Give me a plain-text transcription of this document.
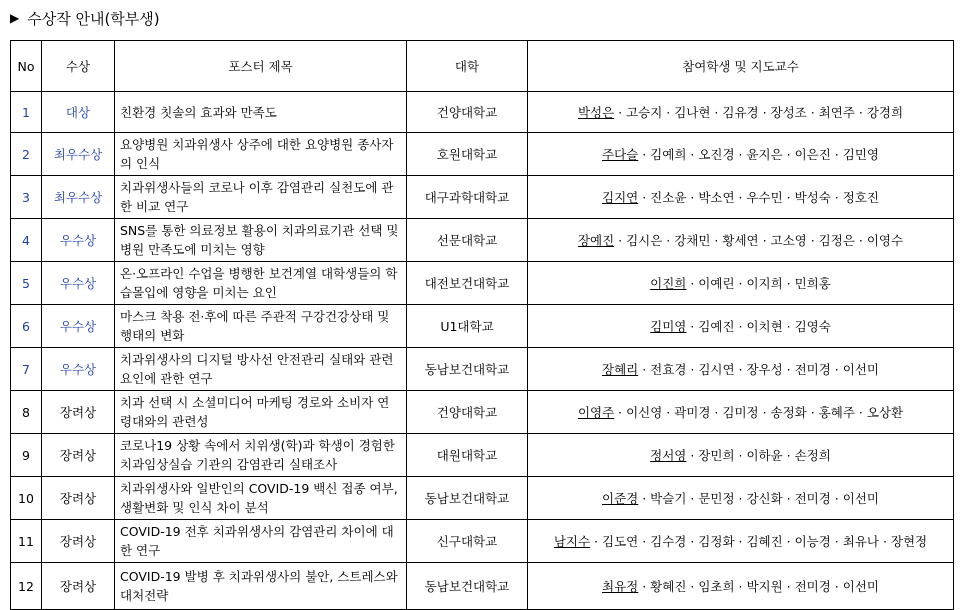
▶ 수상작 안내(학부생)
No	수상	포스터 제목	대학	참여학생 및 지도교수
1	대상	친환경 칫솔의 효과와 만족도	건양대학교	박성은 · 고승지 · 김나현 · 김유경 · 장성조 · 최연주 · 강경희
2	최우수상	요양병원 치과위생사 상주에 대한 요양병원 종사자의 인식	호원대학교	주다슬 · 김예희 · 오진경 · 윤지은 · 이은진 · 김민영
3	최우수상	치과위생사들의 코로나 이후 감염관리 실천도에 관한 비교 연구	대구과학대학교	김지연 · 진소윤 · 박소연 · 우수민 · 박성숙 · 정호진
4	우수상	SNS를 통한 의료정보 활용이 치과의료기관 선택 및 병원 만족도에 미치는 영향	선문대학교	장예진 · 김시은 · 강채민 · 황세연 · 고소영 · 김정은 · 이영수
5	우수상	온·오프라인 수업을 병행한 보건계열 대학생들의 학습몰입에 영향을 미치는 요인	대전보건대학교	이진희 · 이예린 · 이지희 · 민희홍
6	우수상	마스크 착용 전·후에 따른 주관적 구강건강상태 및 행태의 변화	U1대학교	김미영 · 김예진 · 이치현 · 김영숙
7	우수상	치과위생사의 디지털 방사선 안전관리 실태와 관련요인에 관한 연구	동남보건대학교	장혜리 · 전효경 · 김시연 · 장우성 · 전미경 · 이선미
8	장려상	치과 선택 시 소셜미디어 마케팅 경로와 소비자 연령대와의 관련성	건양대학교	이영주 · 이신영 · 곽미경 · 김미정 · 송정화 · 홍혜주 · 오상환
9	장려상	코로나19 상황 속에서 치위생(학)과 학생이 경험한 치과임상실습 기관의 감염관리 실태조사	대원대학교	정서영 · 장민희 · 이하윤 · 손정희
10	장려상	치과위생사와 일반인의 COVID-19 백신 접종 여부, 생활변화 및 인식 차이 분석	동남보건대학교	이준경 · 박슬기 · 문민정 · 강신화 · 전미경 · 이선미
11	장려상	COVID-19 전후 치과위생사의 감염관리 차이에 대한 연구	신구대학교	남지수 · 김도연 · 김수경 · 김정화 · 김혜진 · 이능경 · 최유나 · 장현정
12	장려상	COVID-19 발병 후 치과위생사의 불안, 스트레스와 대처전략	동남보건대학교	최유정 · 황혜진 · 임초희 · 박지원 · 전미경 · 이선미
